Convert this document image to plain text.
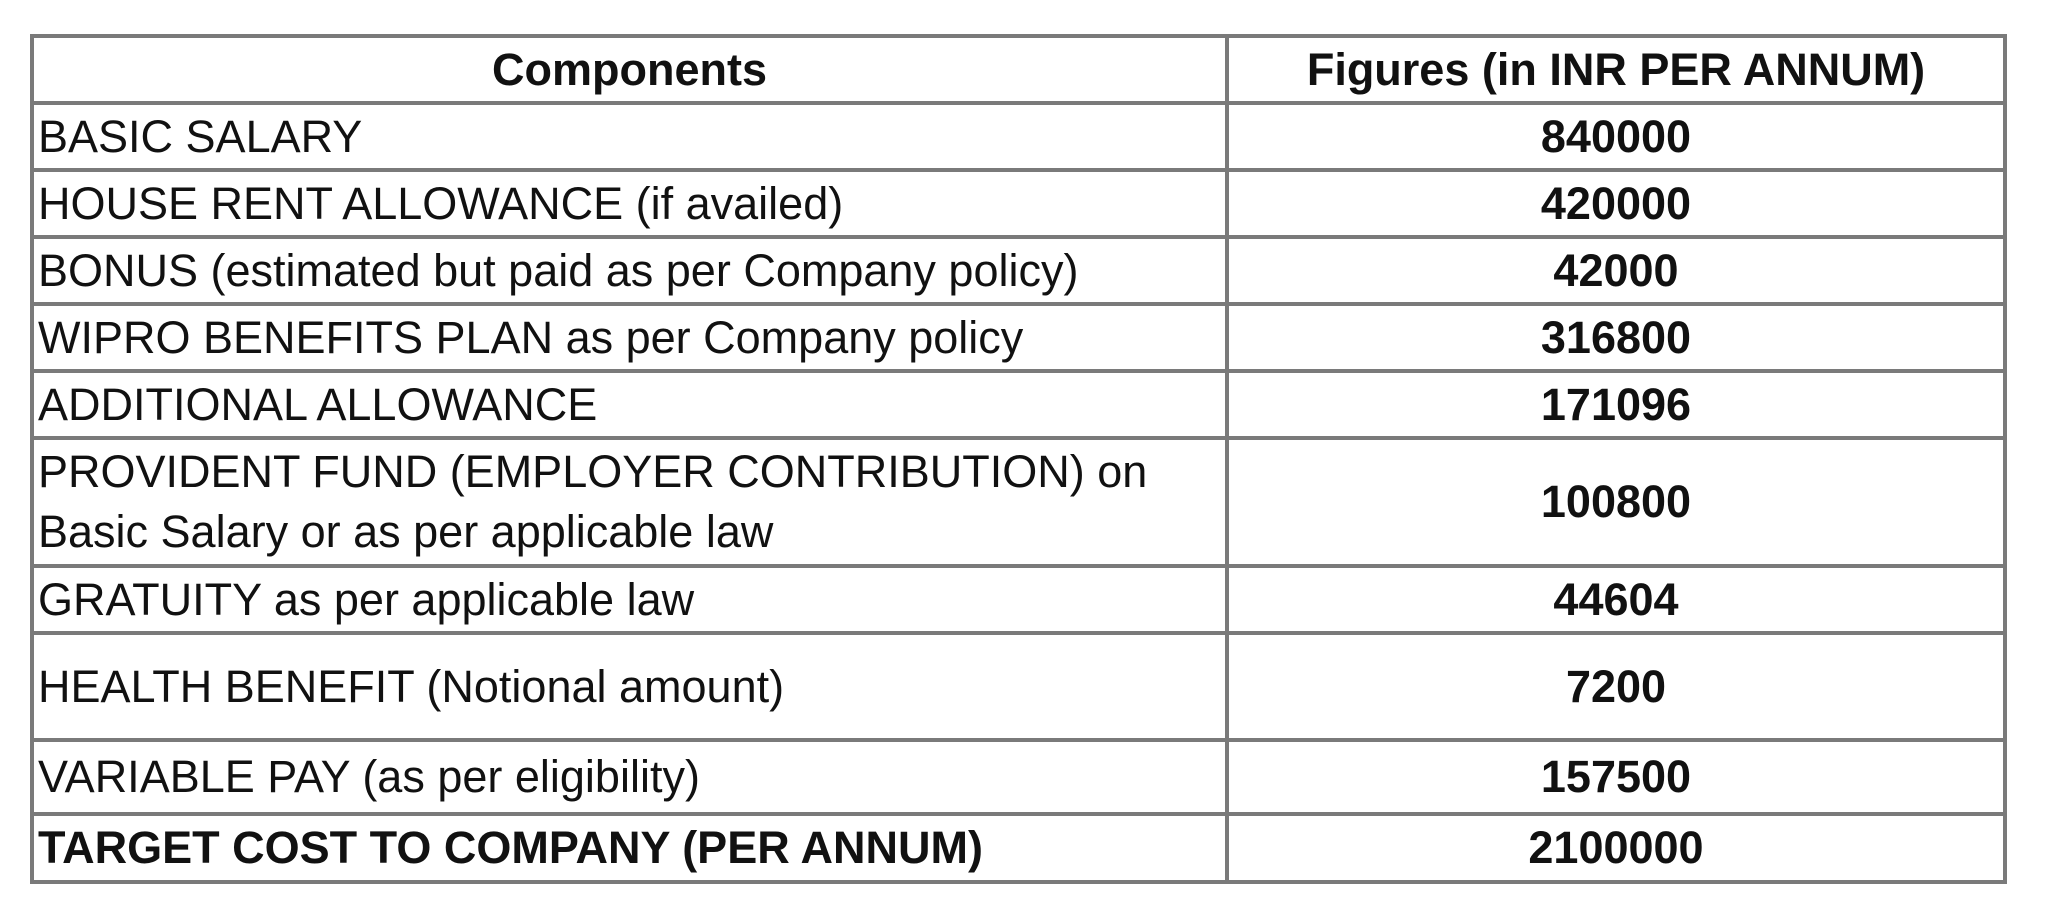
Components	Figures (in INR PER ANNUM)
BASIC SALARY	840000
HOUSE RENT ALLOWANCE (if availed)	420000
BONUS (estimated but paid as per Company policy)	42000
WIPRO BENEFITS PLAN as per Company policy	316800
ADDITIONAL ALLOWANCE	171096
PROVIDENT FUND (EMPLOYER CONTRIBUTION) on Basic Salary or as per applicable law	100800
GRATUITY as per applicable law	44604
HEALTH BENEFIT (Notional amount)	7200
VARIABLE PAY (as per eligibility)	157500
TARGET COST TO COMPANY (PER ANNUM)	2100000
